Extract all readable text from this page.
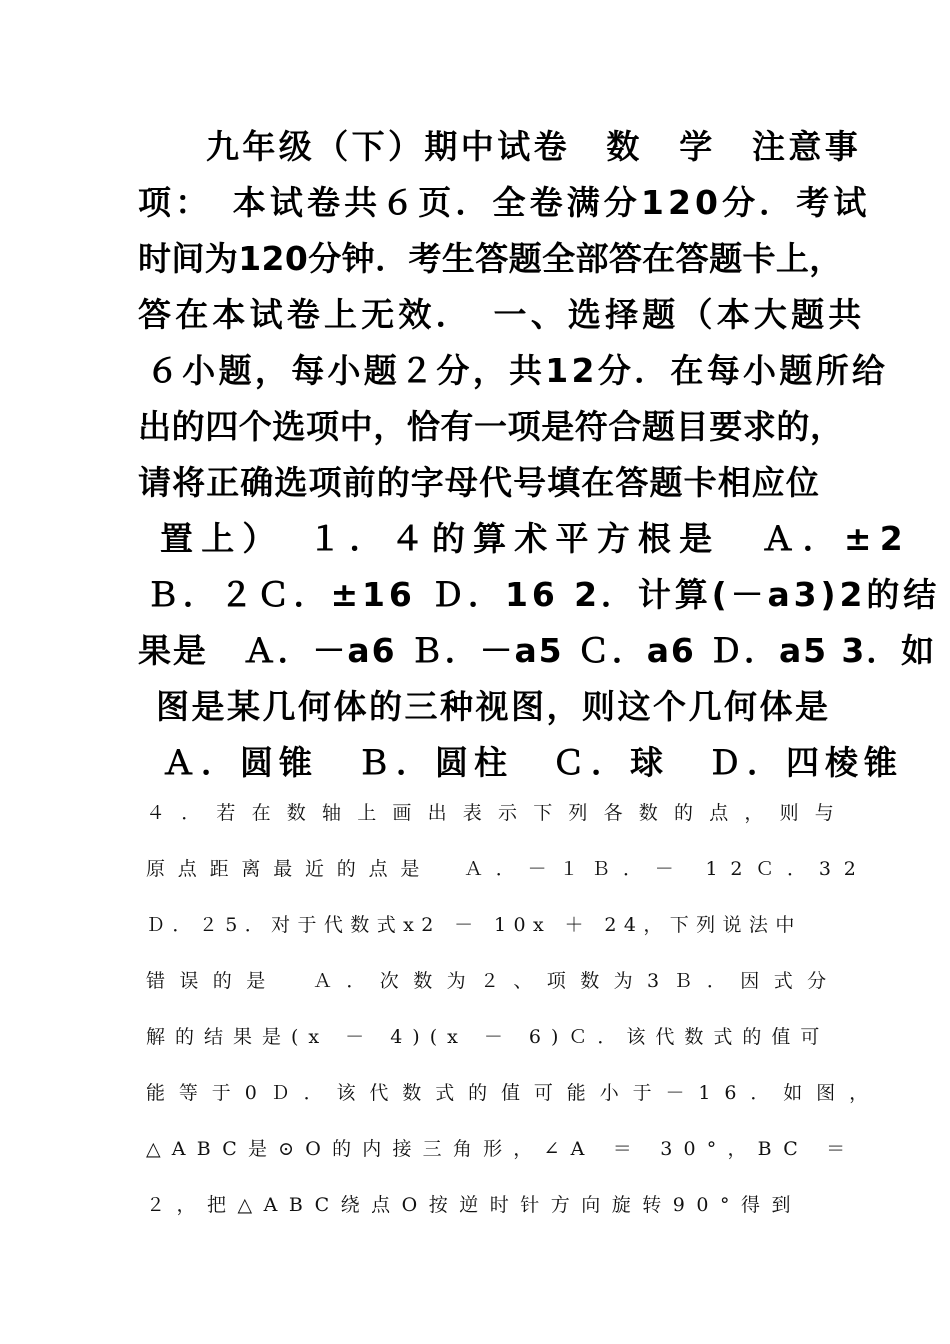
九年级（下）期中试卷　数　学　注意事
项：　本试卷共６页．全卷满分120分．考试
时间为120分钟．考生答题全部答在答题卡上，
答在本试卷上无效．　一、选择题（本大题共
６小题，每小题２分，共12分．在每小题所给
出的四个选项中，恰有一项是符合题目要求的，
请将正确选项前的字母代号填在答题卡相应位
置上）　１．４的算术平方根是　Ａ．±2
Ｂ．２Ｃ．±16 Ｄ．16 2．计算(－a3)2的结
果是　Ａ．－a6 Ｂ．－a5 Ｃ．a6 Ｄ．a5 3．如
图是某几何体的三种视图，则这个几何体是
Ａ．圆锥　Ｂ．圆柱　Ｃ．球　Ｄ．四棱锥
４．若在数轴上画出表示下列各数的点，则与
原点距离最近的点是　Ａ．－１Ｂ．－ 12Ｃ．32
Ｄ．２5．对于代数式x2 － 10x ＋ 24，下列说法中
错误的是　Ａ．次数为２、项数为3Ｂ．因式分
解的结果是(x － 4)(x － 6)Ｃ．该代数式的值可
能等于0Ｄ．该代数式的值可能小于－16．如图，
△ABC是⊙O的内接三角形，∠A ＝ 30°，BC ＝
２，把△ABC绕点O按逆时针方向旋转90°得到
